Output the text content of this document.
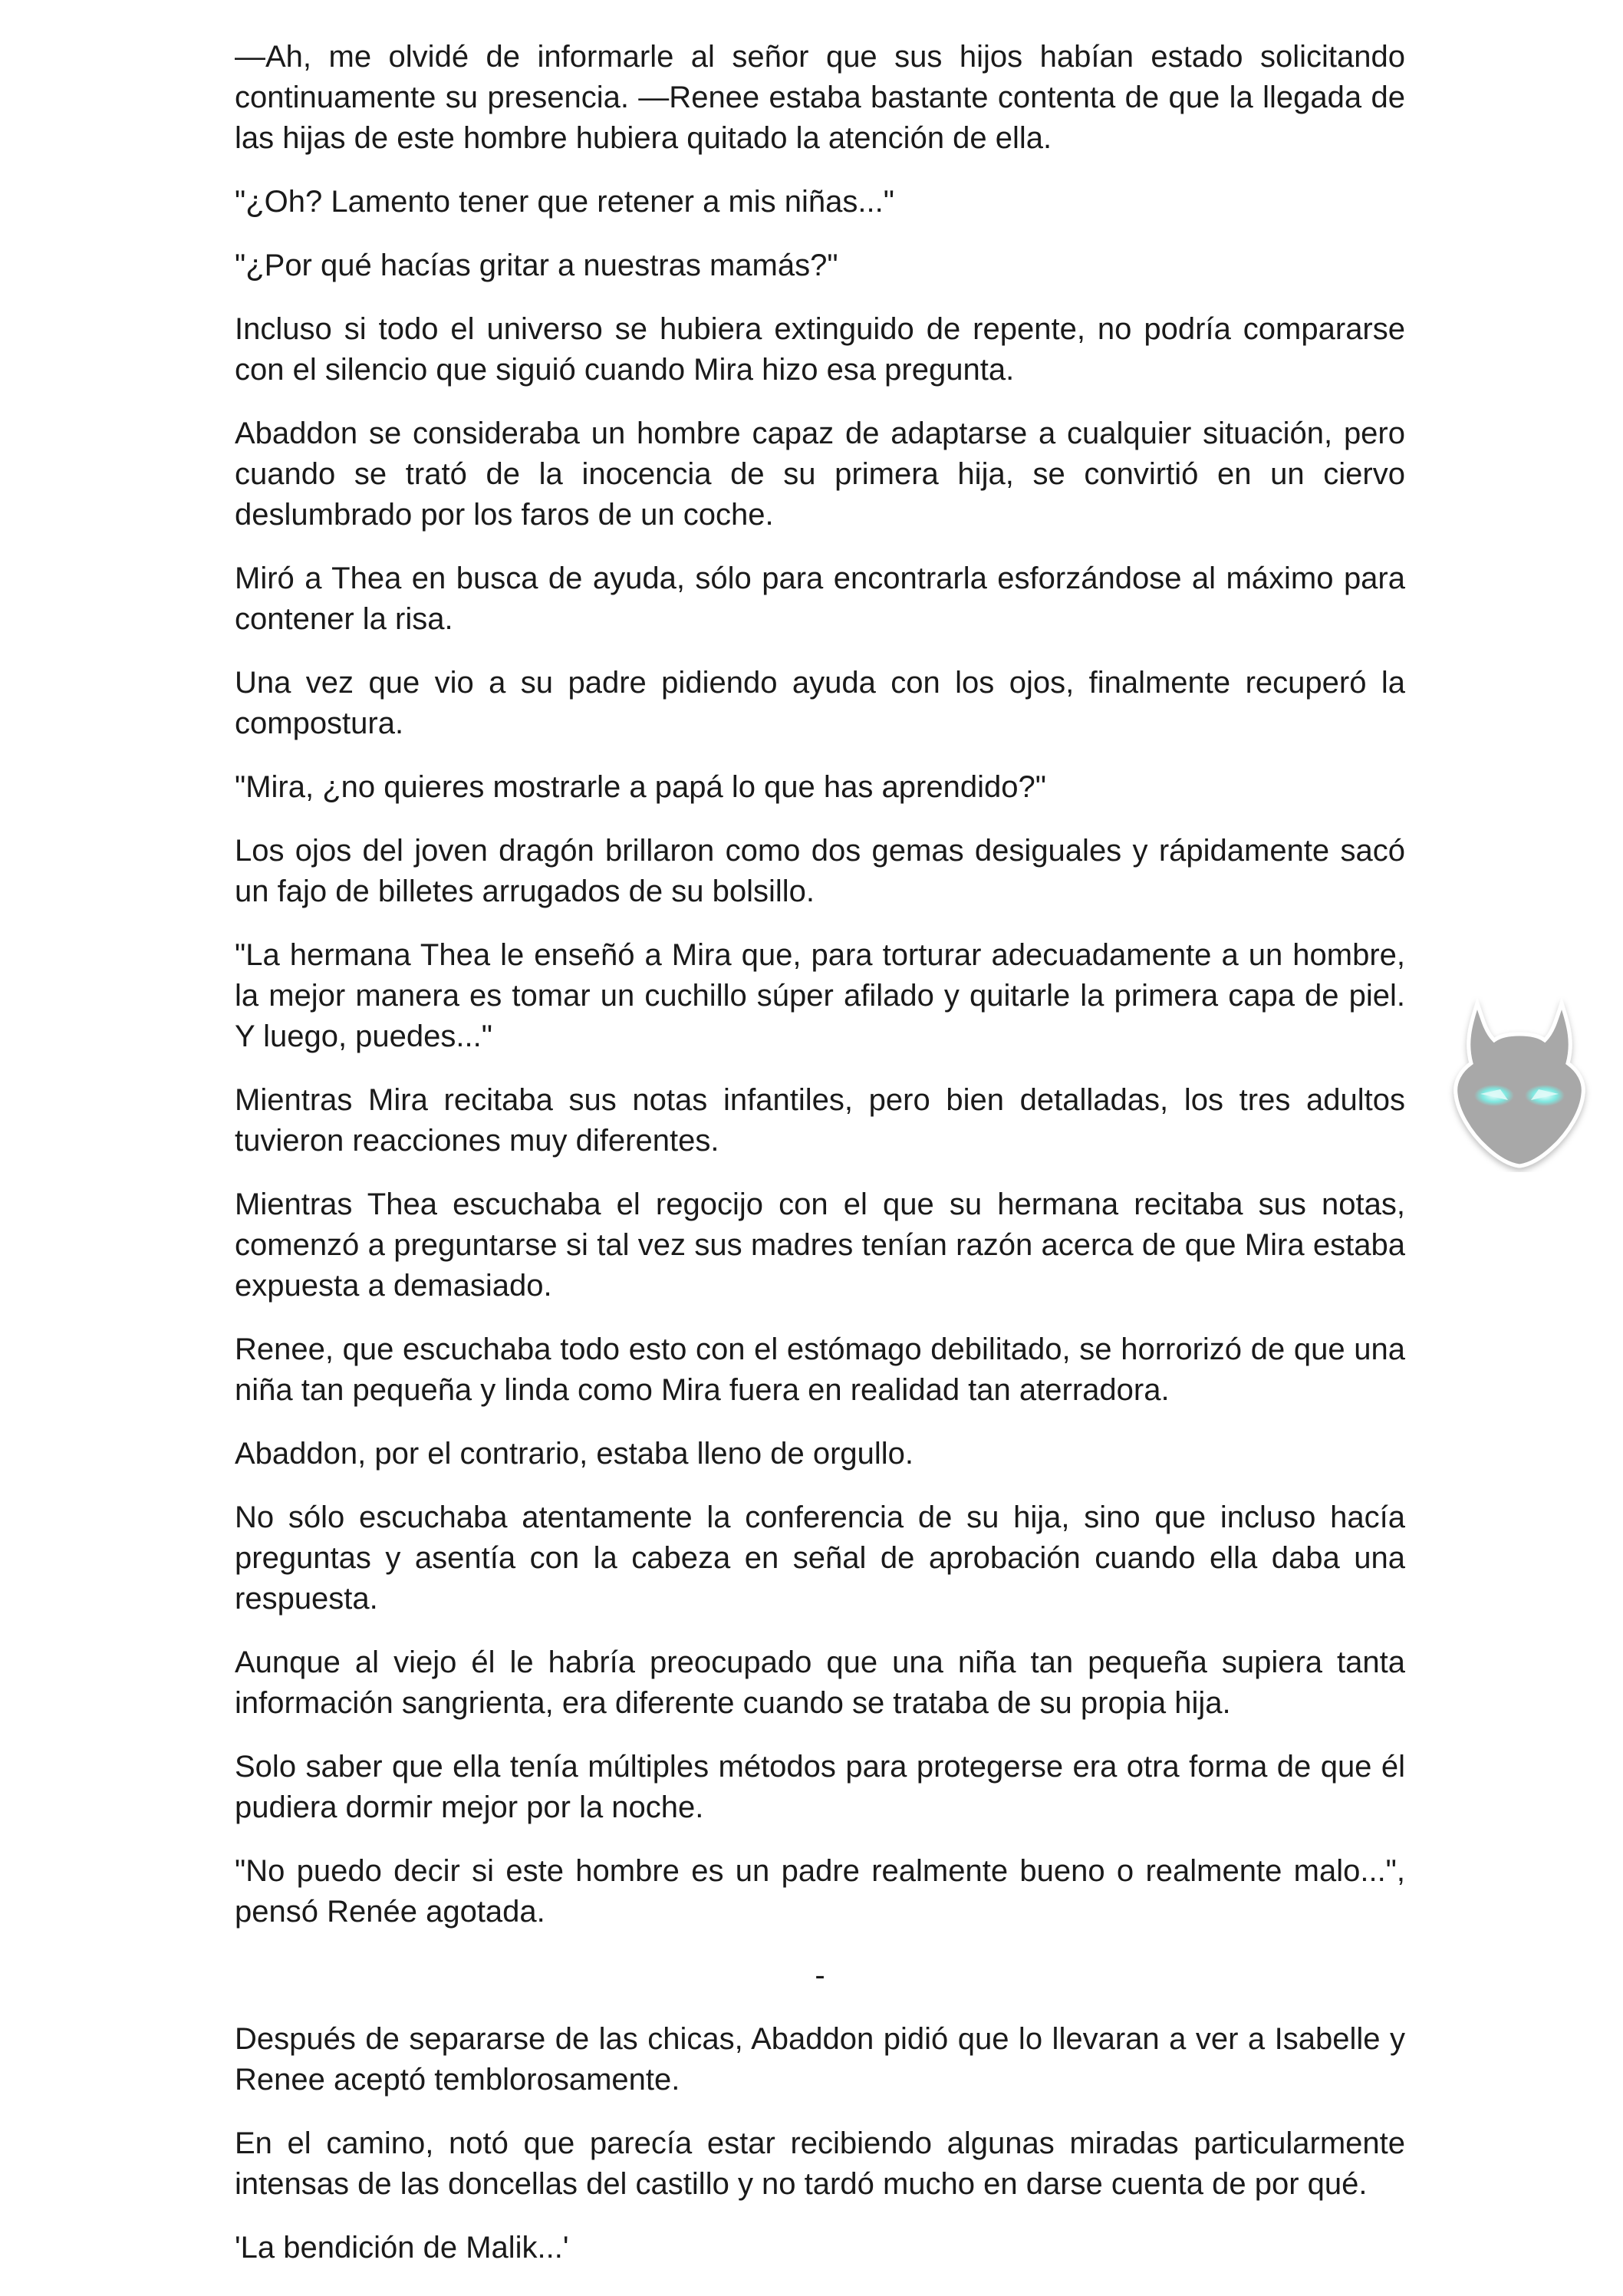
—Ah, me olvidé de informarle al señor que sus hijos habían estado solicitando continuamente su presencia. —Renee estaba bastante contenta de que la llegada de las hijas de este hombre hubiera quitado la atención de ella.

"¿Oh? Lamento tener que retener a mis niñas..."

"¿Por qué hacías gritar a nuestras mamás?"

Incluso si todo el universo se hubiera extinguido de repente, no podría compararse con el silencio que siguió cuando Mira hizo esa pregunta.

Abaddon se consideraba un hombre capaz de adaptarse a cualquier situación, pero cuando se trató de la inocencia de su primera hija, se convirtió en un ciervo deslumbrado por los faros de un coche.

Miró a Thea en busca de ayuda, sólo para encontrarla esforzándose al máximo para contener la risa.

Una vez que vio a su padre pidiendo ayuda con los ojos, finalmente recuperó la compostura.

"Mira, ¿no quieres mostrarle a papá lo que has aprendido?"

Los ojos del joven dragón brillaron como dos gemas desiguales y rápidamente sacó un fajo de billetes arrugados de su bolsillo.

"La hermana Thea le enseñó a Mira que, para torturar adecuadamente a un hombre, la mejor manera es tomar un cuchillo súper afilado y quitarle la primera capa de piel. Y luego, puedes..."

Mientras Mira recitaba sus notas infantiles, pero bien detalladas, los tres adultos tuvieron reacciones muy diferentes.

Mientras Thea escuchaba el regocijo con el que su hermana recitaba sus notas, comenzó a preguntarse si tal vez sus madres tenían razón acerca de que Mira estaba expuesta a demasiado.

Renee, que escuchaba todo esto con el estómago debilitado, se horrorizó de que una niña tan pequeña y linda como Mira fuera en realidad tan aterradora.

Abaddon, por el contrario, estaba lleno de orgullo.

No sólo escuchaba atentamente la conferencia de su hija, sino que incluso hacía preguntas y asentía con la cabeza en señal de aprobación cuando ella daba una respuesta.

Aunque al viejo él le habría preocupado que una niña tan pequeña supiera tanta información sangrienta, era diferente cuando se trataba de su propia hija.

Solo saber que ella tenía múltiples métodos para protegerse era otra forma de que él pudiera dormir mejor por la noche.

"No puedo decir si este hombre es un padre realmente bueno o realmente malo...", pensó Renée agotada.

-

Después de separarse de las chicas, Abaddon pidió que lo llevaran a ver a Isabelle y Renee aceptó temblorosamente.

En el camino, notó que parecía estar recibiendo algunas miradas particularmente intensas de las doncellas del castillo y no tardó mucho en darse cuenta de por qué.

'La bendición de Malik...'
